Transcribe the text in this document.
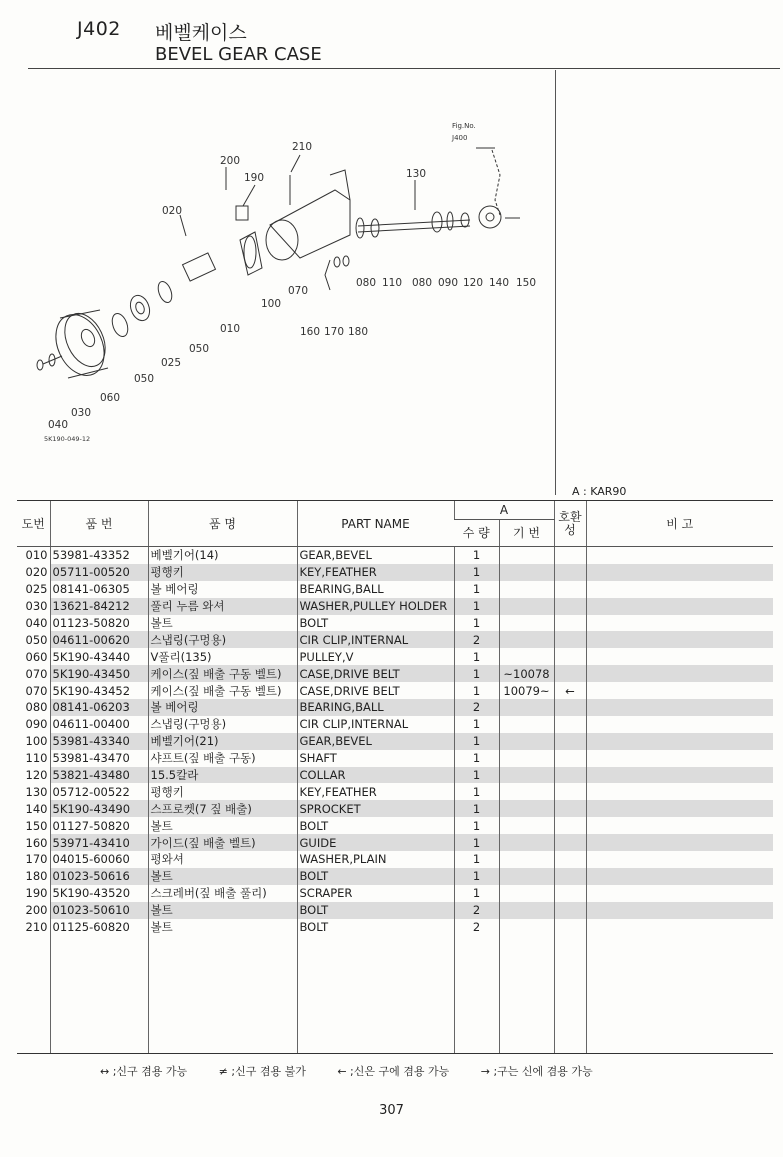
J402 베벨케이스
BEVEL GEAR CASE
210
200
190
020
130
Fig.No.
J400
080 110 080 090 120 140 150
070
100
010	160 170 180
050
025
050
060
030
040
5K190-049-12
A : KAR90
도번	품 번	품 명	PART NAME	A		호환성	비 고
				수 량	기 번		
010	53981-43352	베벨기어(14)	GEAR,BEVEL	1			
020	05711-00520	평행키	KEY,FEATHER	1			
025	08141-06305	볼 베어링	BEARING,BALL	1			
030	13621-84212	풀리 누름 와셔	WASHER,PULLEY HOLDER	1			
040	01123-50820	볼트	BOLT	1			
050	04611-00620	스냅링(구멍용)	CIR CLIP,INTERNAL	2			
060	5K190-43440	V풀리(135)	PULLEY,V	1			
070	5K190-43450	케이스(짚 배출 구동 벨트)	CASE,DRIVE BELT	1	~10078		
070	5K190-43452	케이스(짚 배출 구동 벨트)	CASE,DRIVE BELT	1	10079~	←	
080	08141-06203	볼 베어링	BEARING,BALL	2			
090	04611-00400	스냅링(구멍용)	CIR CLIP,INTERNAL	1			
100	53981-43340	베벨기어(21)	GEAR,BEVEL	1			
110	53981-43470	샤프트(짚 배출 구동)	SHAFT	1			
120	53821-43480	15.5칼라	COLLAR	1			
130	05712-00522	평행키	KEY,FEATHER	1			
140	5K190-43490	스프로켓(7 짚 배출)	SPROCKET	1			
150	01127-50820	볼트	BOLT	1			
160	53971-43410	가이드(짚 배출 벨트)	GUIDE	1			
170	04015-60060	평와셔	WASHER,PLAIN	1			
180	01023-50616	볼트	BOLT	1			
190	5K190-43520	스크레버(짚 배출 풀리)	SCRAPER	1			
200	01023-50610	볼트	BOLT	2			
210	01125-60820	볼트	BOLT	2			

↔ ;신구 겸용 가능	≠ ;신구 겸용 불가	← ;신은 구에 겸용 가능	→ ;구는 신에 겸용 가능
307
